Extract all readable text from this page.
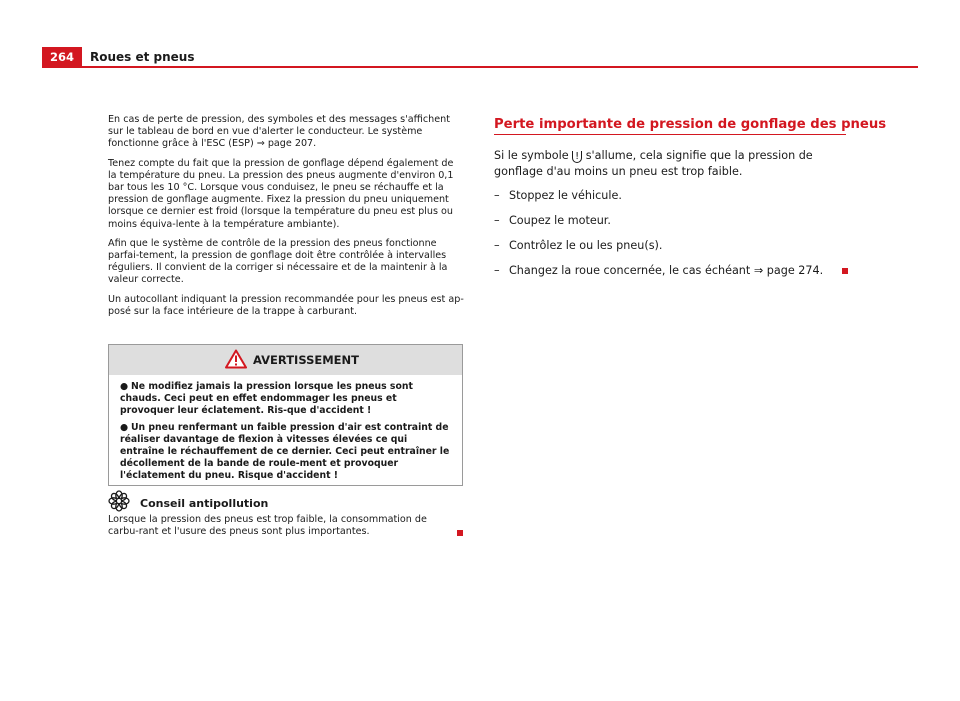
264	Roues et pneus

En cas de perte de pression, des symboles et des messages s'affichent sur le tableau de bord en vue d'alerter le conducteur. Le système fonctionne grâce à l'ESC (ESP) ⇒ page 207.

Tenez compte du fait que la pression de gonflage dépend également de la température du pneu. La pression des pneus augmente d'environ 0,1 bar tous les 10 °C. Lorsque vous conduisez, le pneu se réchauffe et la pression de gonflage augmente. Fixez la pression du pneu uniquement lorsque ce dernier est froid (lorsque la température du pneu est plus ou moins équiva-lente à la température ambiante).

Afin que le système de contrôle de la pression des pneus fonctionne parfai-tement, la pression de gonflage doit être contrôlée à intervalles réguliers. Il convient de la corriger si nécessaire et de la maintenir à la valeur correcte.

Un autocollant indiquant la pression recommandée pour les pneus est ap-posé sur la face intérieure de la trappe à carburant.

AVERTISSEMENT

● Ne modifiez jamais la pression lorsque les pneus sont chauds. Ceci peut en effet endommager les pneus et provoquer leur éclatement. Ris-que d'accident !

● Un pneu renfermant un faible pression d'air est contraint de réaliser davantage de flexion à vitesses élevées ce qui entraîne le réchauffement de ce dernier. Ceci peut entraîner le décollement de la bande de roule-ment et provoquer l'éclatement du pneu. Risque d'accident !

Conseil antipollution

Lorsque la pression des pneus est trop faible, la consommation de carbu-rant et l'usure des pneus sont plus importantes.

Perte importante de pression de gonflage des pneus

Si le symbole ! s'allume, cela signifie que la pression de gonflage d'au moins un pneu est trop faible.

– Stoppez le véhicule.
– Coupez le moteur.
– Contrôlez le ou les pneu(s).
– Changez la roue concernée, le cas échéant ⇒ page 274.
